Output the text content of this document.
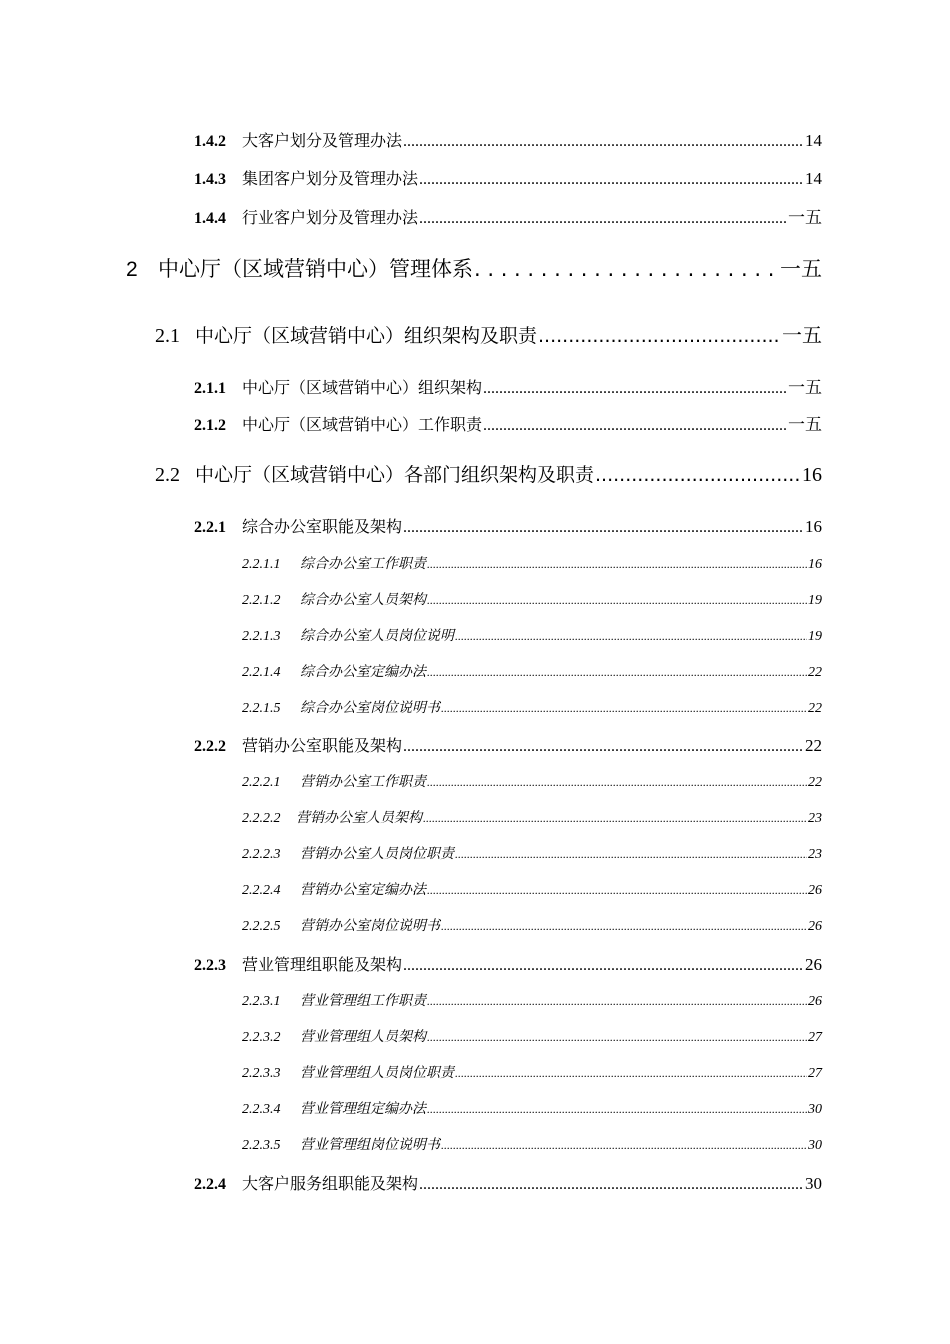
1.4.2	大客户划分及管理办法 .....	14
1.4.3	集团客户划分及管理办法 .....	14
1.4.4	行业客户划分及管理办法 .....	一五
2 中心厅（区域营销中心）管理体系 . . .	一五
2.1 中心厅（区域营销中心）组织架构及职责 .....	一五
2.1.1	中心厅（区域营销中心）组织架构 .....	一五
2.1.2	中心厅（区域营销中心）工作职责 .....	一五
2.2 中心厅（区域营销中心）各部门组织架构及职责 .....	16
2.2.1	综合办公室职能及架构 .....	16
2.2.1.1	综合办公室工作职责 .....	16
2.2.1.2	综合办公室人员架构 .....	19
2.2.1.3	综合办公室人员岗位说明 .....	19
2.2.1.4	综合办公室定编办法 .....	22
2.2.1.5	综合办公室岗位说明书 .....	22
2.2.2	营销办公室职能及架构 .....	22
2.2.2.1	营销办公室工作职责 .....	22
2.2.2.2	营销办公室人员架构 .....	23
2.2.2.3	营销办公室人员岗位职责 .....	23
2.2.2.4	营销办公室定编办法 .....	26
2.2.2.5	营销办公室岗位说明书 .....	26
2.2.3	营业管理组职能及架构 .....	26
2.2.3.1	营业管理组工作职责 .....	26
2.2.3.2	营业管理组人员架构 .....	27
2.2.3.3	营业管理组人员岗位职责 .....	27
2.2.3.4	营业管理组定编办法 .....	30
2.2.3.5	营业管理组岗位说明书 .....	30
2.2.4	大客户服务组职能及架构 .....	30
